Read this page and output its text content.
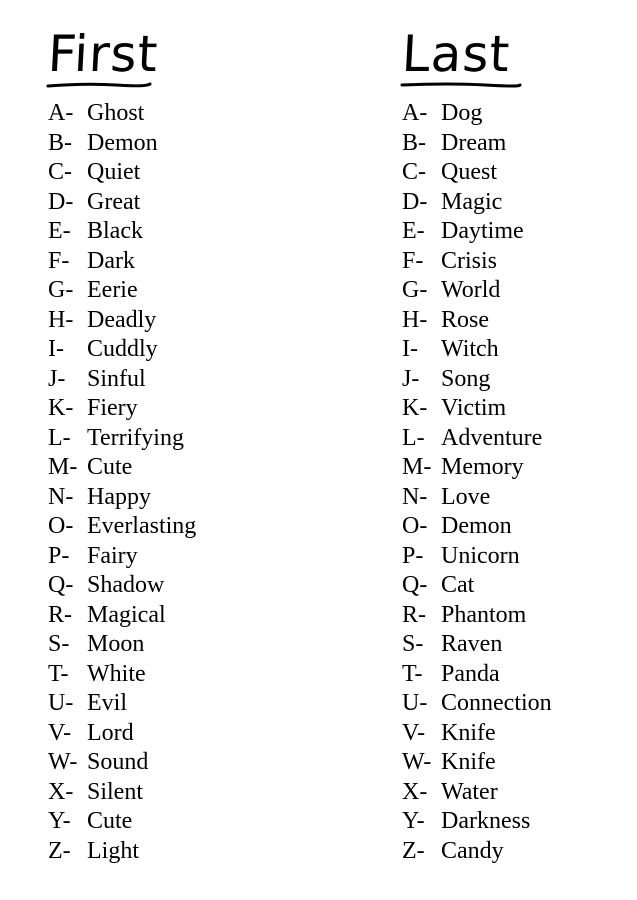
First
A- Ghost
B- Demon
C- Quiet
D- Great
E- Black
F- Dark
G- Eerie
H- Deadly
I- Cuddly
J- Sinful
K- Fiery
L- Terrifying
M- Cute
N- Happy
O- Everlasting
P- Fairy
Q- Shadow
R- Magical
S- Moon
T- White
U- Evil
V- Lord
W- Sound
X- Silent
Y- Cute
Z- Light
Last
A- Dog
B- Dream
C- Quest
D- Magic
E- Daytime
F- Crisis
G- World
H- Rose
I- Witch
J- Song
K- Victim
L- Adventure
M- Memory
N- Love
O- Demon
P- Unicorn
Q- Cat
R- Phantom
S- Raven
T- Panda
U- Connection
V- Knife
W- Knife
X- Water
Y- Darkness
Z- Candy
